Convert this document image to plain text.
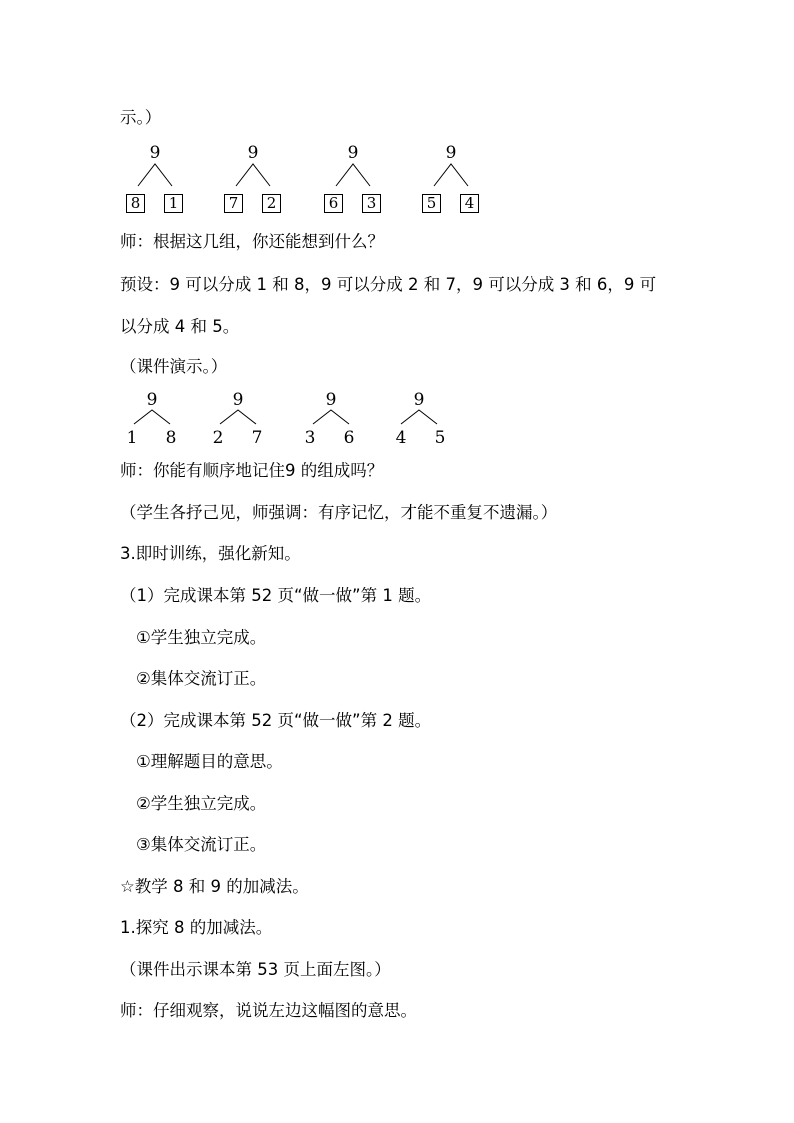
示。）
9
8	1
9
7	2
9
6	3
9
5	4
师：根据这几组，你还能想到什么？
预设：9 可以分成 1 和 8，9 可以分成 2 和 7，9 可以分成 3 和 6，9 可
以分成 4 和 5。
（课件演示。）
9
1 8
9
2 7
9
3 6
9
4 5
师：你能有顺序地记住9 的组成吗？
（学生各抒己见，师强调：有序记忆，才能不重复不遗漏。）
3.即时训练，强化新知。
（1）完成课本第 52 页“做一做”第 1 题。
①学生独立完成。
②集体交流订正。
（2）完成课本第 52 页“做一做”第 2 题。
①理解题目的意思。
②学生独立完成。
③集体交流订正。
☆教学 8 和 9 的加减法。
1.探究 8 的加减法。
（课件出示课本第 53 页上面左图。）
师：仔细观察，说说左边这幅图的意思。
